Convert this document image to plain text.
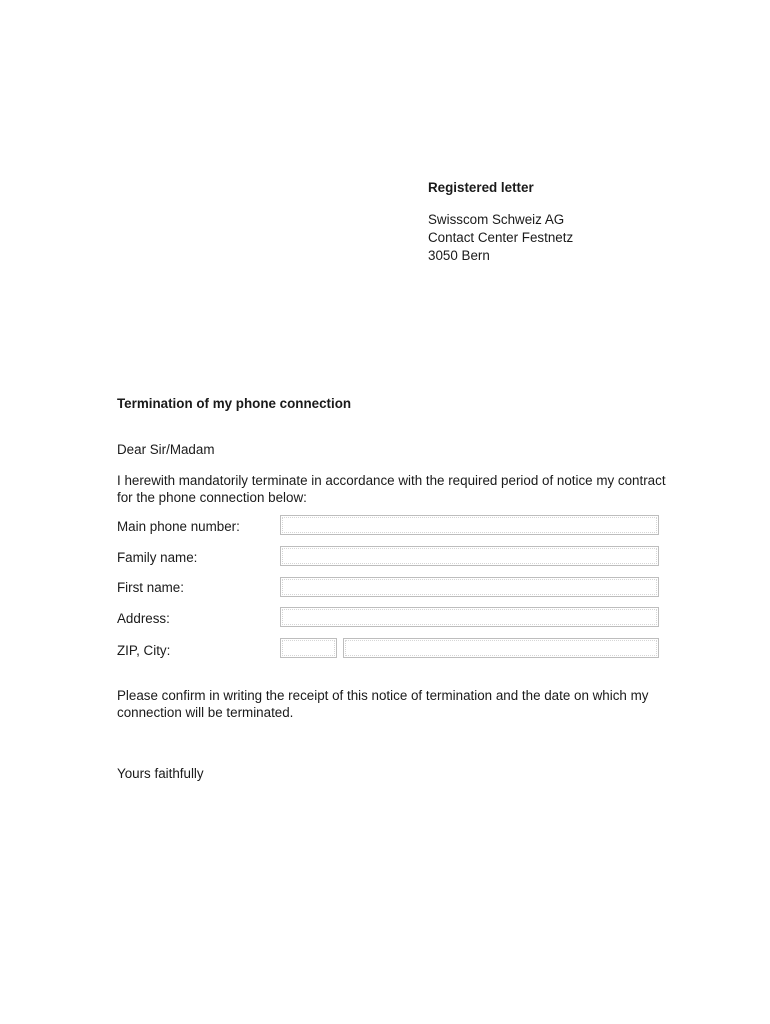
Registered letter
Swisscom Schweiz AG
Contact Center Festnetz
3050 Bern
Termination of my phone connection
Dear Sir/Madam
I herewith mandatorily terminate in accordance with the required period of notice my contract for the phone connection below:
Main phone number:
Family name:
First name:
Address:
ZIP, City:
Please confirm in writing the receipt of this notice of termination and the date on which my connection will be terminated.
Yours faithfully
